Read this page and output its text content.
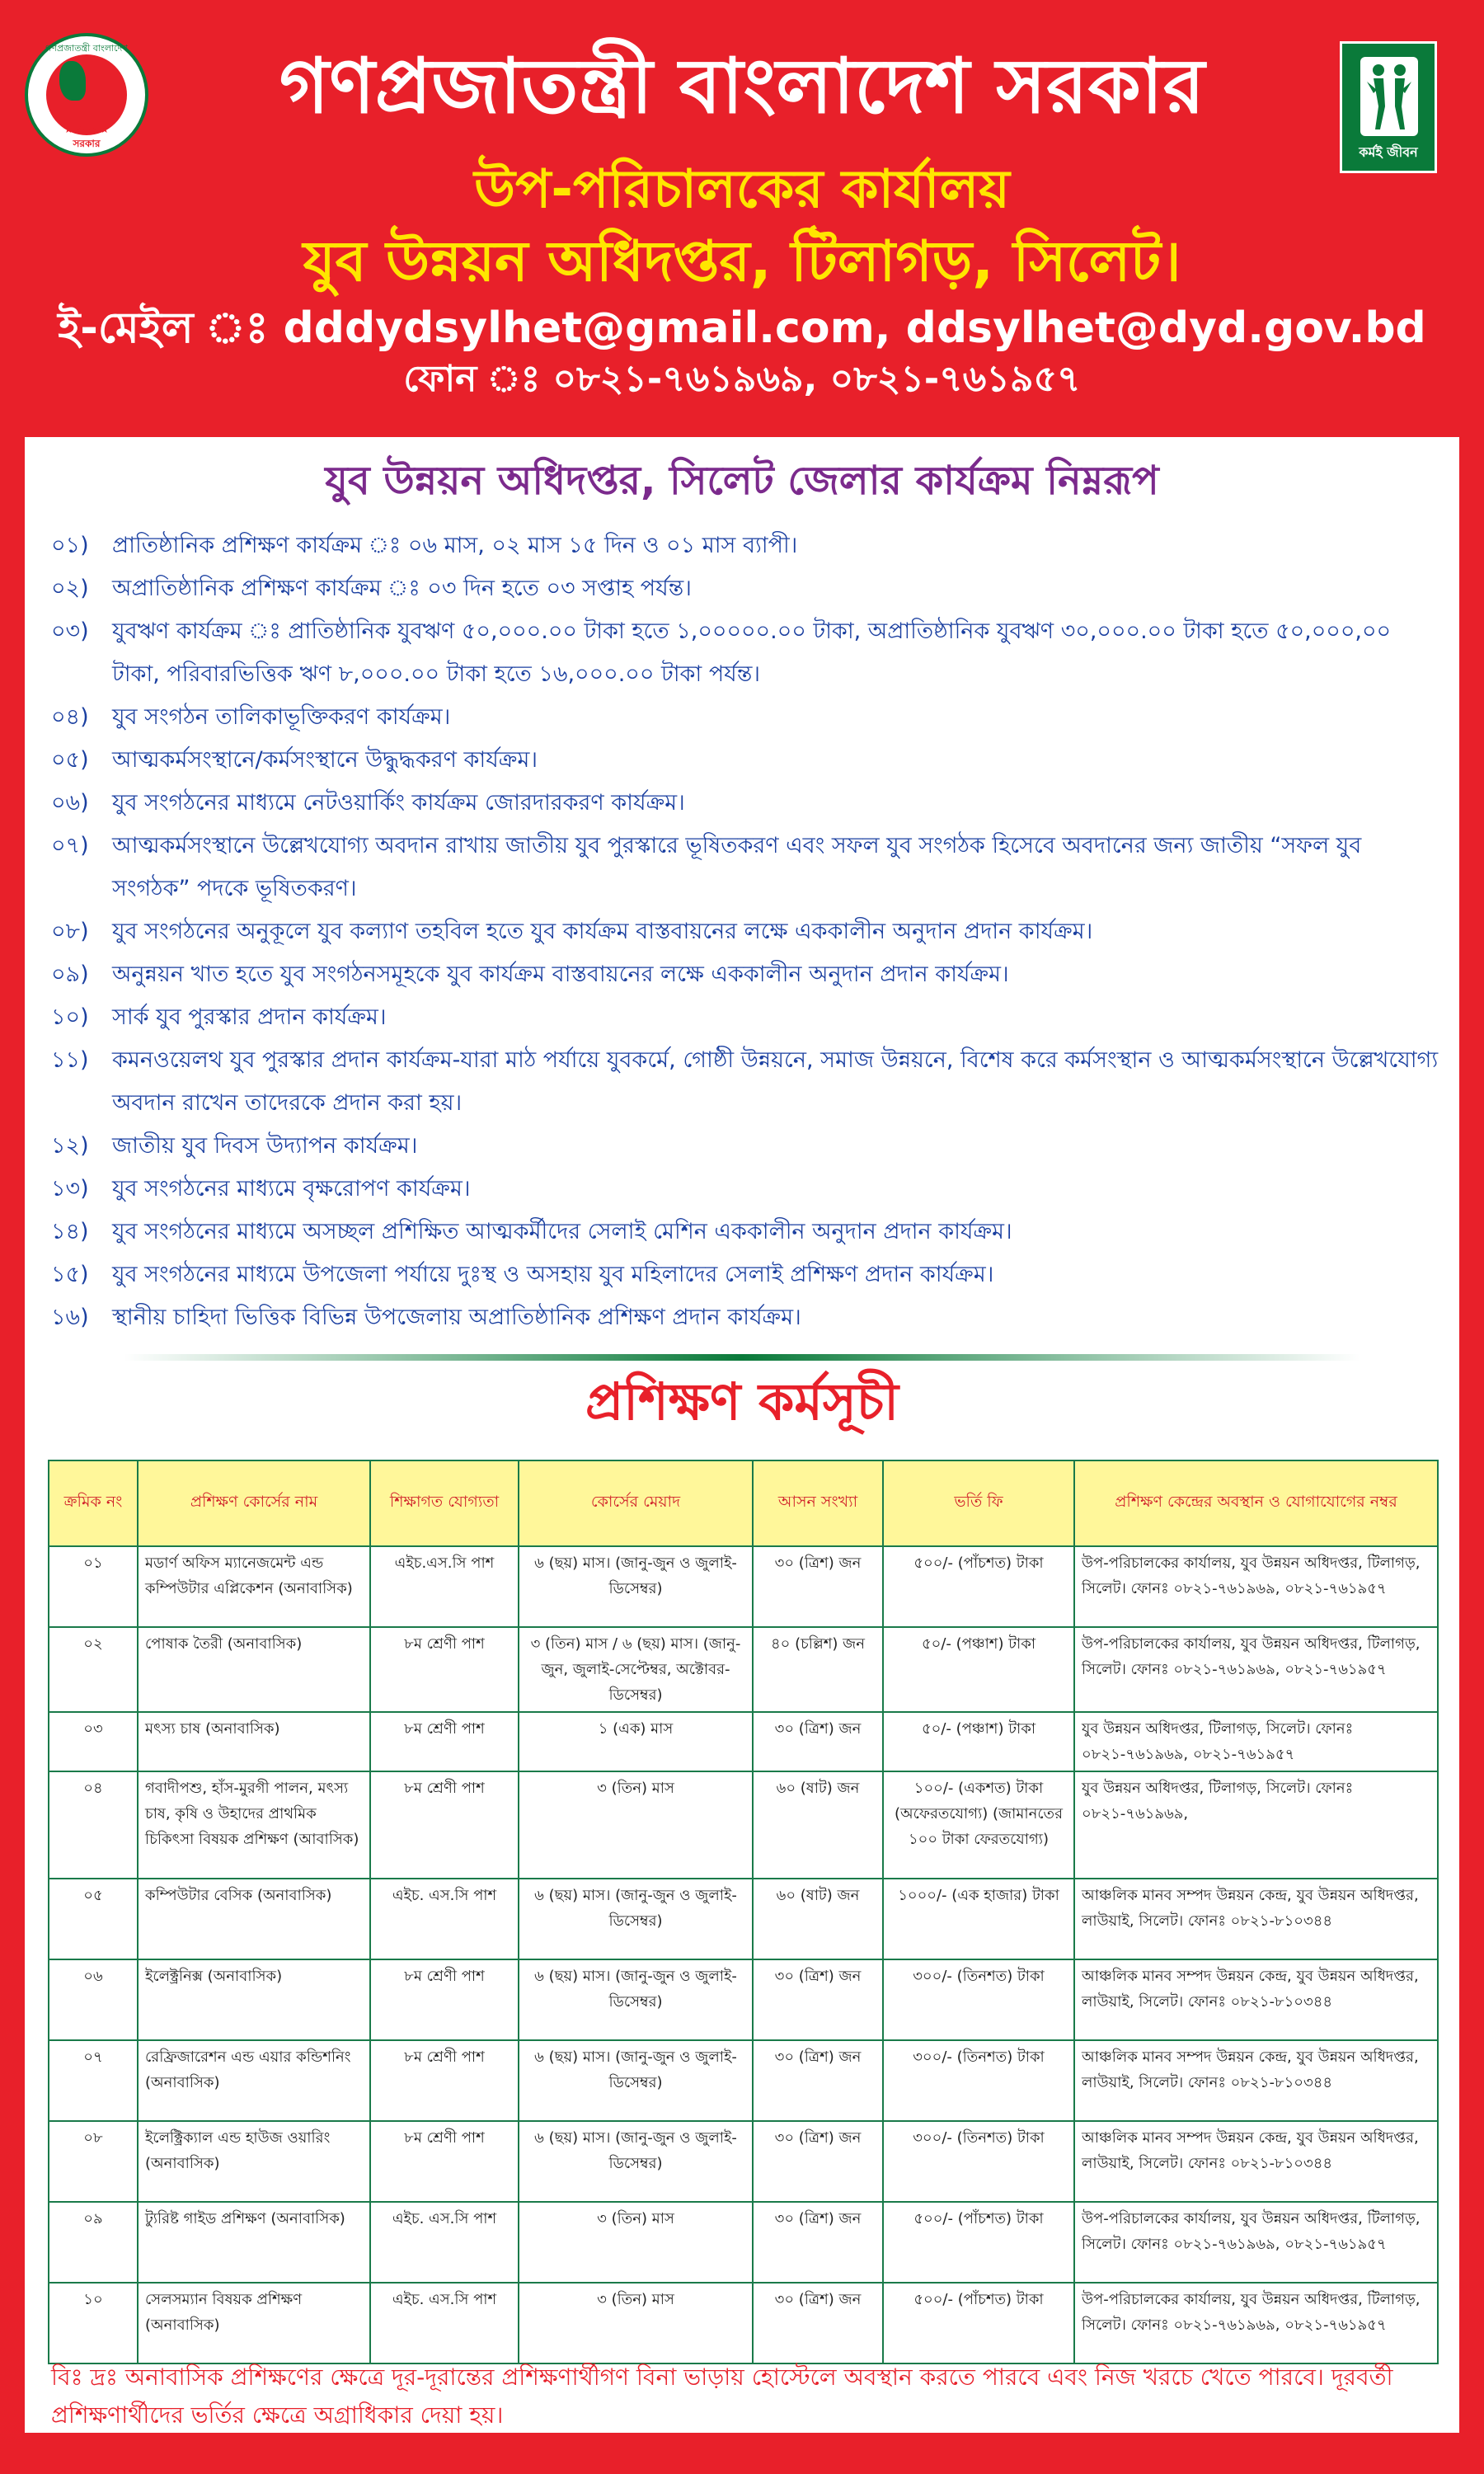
গণপ্রজাতন্ত্রী বাংলাদেশ
★ ★ ★ ★
সরকার
গণপ্রজাতন্ত্রী বাংলাদেশ সরকার
কর্মই জীবন
উপ-পরিচালকের কার্যালয়
যুব উন্নয়ন অধিদপ্তর, টিলাগড়, সিলেট।
ই-মেইল ঃ dddydsylhet@gmail.com, ddsylhet@dyd.gov.bd
ফোন ঃ ০৮২১-৭৬১৯৬৯, ০৮২১-৭৬১৯৫৭
যুব উন্নয়ন অধিদপ্তর, সিলেট জেলার কার্যক্রম নিম্নরূপ
০১) প্রাতিষ্ঠানিক প্রশিক্ষণ কার্যক্রম ঃ ০৬ মাস, ০২ মাস ১৫ দিন ও ০১ মাস ব্যাপী।
০২) অপ্রাতিষ্ঠানিক প্রশিক্ষণ কার্যক্রম ঃ ০৩ দিন হতে ০৩ সপ্তাহ পর্যন্ত।
০৩) যুবঋণ কার্যক্রম ঃ প্রাতিষ্ঠানিক যুবঋণ ৫০,০০০.০০ টাকা হতে ১,০০০০০.০০ টাকা, অপ্রাতিষ্ঠানিক যুবঋণ ৩০,০০০.০০ টাকা হতে ৫০,০০০,০০ টাকা, পরিবারভিত্তিক ঋণ ৮,০০০.০০ টাকা হতে ১৬,০০০.০০ টাকা পর্যন্ত।
০৪) যুব সংগঠন তালিকাভূক্তিকরণ কার্যক্রম।
০৫) আত্মকর্মসংস্থানে/কর্মসংস্থানে উদ্ধুদ্ধকরণ কার্যক্রম।
০৬) যুব সংগঠনের মাধ্যমে নেটওয়ার্কিং কার্যক্রম জোরদারকরণ কার্যক্রম।
০৭) আত্মকর্মসংস্থানে উল্লেখযোগ্য অবদান রাখায় জাতীয় যুব পুরস্কারে ভূষিতকরণ এবং সফল যুব সংগঠক হিসেবে অবদানের জন্য জাতীয় “সফল যুব সংগঠক” পদকে ভূষিতকরণ।
০৮) যুব সংগঠনের অনুকূলে যুব কল্যাণ তহবিল হতে যুব কার্যক্রম বাস্তবায়নের লক্ষে এককালীন অনুদান প্রদান কার্যক্রম।
০৯) অনুন্নয়ন খাত হতে যুব সংগঠনসমূহকে যুব কার্যক্রম বাস্তবায়নের লক্ষে এককালীন অনুদান প্রদান কার্যক্রম।
১০) সার্ক যুব পুরস্কার প্রদান কার্যক্রম।
১১) কমনওয়েলথ যুব পুরস্কার প্রদান কার্যক্রম-যারা মাঠ পর্যায়ে যুবকর্মে, গোষ্ঠী উন্নয়নে, সমাজ উন্নয়নে, বিশেষ করে কর্মসংস্থান ও আত্মকর্মসংস্থানে উল্লেখযোগ্য অবদান রাখেন তাদেরকে প্রদান করা হয়।
১২) জাতীয় যুব দিবস উদ্যাপন কার্যক্রম।
১৩) যুব সংগঠনের মাধ্যমে বৃক্ষরোপণ কার্যক্রম।
১৪) যুব সংগঠনের মাধ্যমে অসচ্ছল প্রশিক্ষিত আত্মকর্মীদের সেলাই মেশিন এককালীন অনুদান প্রদান কার্যক্রম।
১৫) যুব সংগঠনের মাধ্যমে উপজেলা পর্যায়ে দুঃস্থ ও অসহায় যুব মহিলাদের সেলাই প্রশিক্ষণ প্রদান কার্যক্রম।
১৬) স্থানীয় চাহিদা ভিত্তিক বিভিন্ন উপজেলায় অপ্রাতিষ্ঠানিক প্রশিক্ষণ প্রদান কার্যক্রম।
প্রশিক্ষণ কর্মসূচী
ক্রমিক নং	প্রশিক্ষণ কোর্সের নাম	শিক্ষাগত যোগ্যতা	কোর্সের মেয়াদ	আসন সংখ্যা	ভর্তি ফি	প্রশিক্ষণ কেন্দ্রের অবস্থান ও যোগাযোগের নম্বর
০১	মডার্ণ অফিস ম্যানেজমেন্ট এন্ড কম্পিউটার এপ্লিকেশন (অনাবাসিক)	এইচ.এস.সি পাশ	৬ (ছয়) মাস। (জানু-জুন ও জুলাই-ডিসেম্বর)	৩০ (ত্রিশ) জন	৫০০/- (পাঁচশত) টাকা	উপ-পরিচালকের কার্যালয়, যুব উন্নয়ন অধিদপ্তর, টিলাগড়, সিলেট। ফোনঃ ০৮২১-৭৬১৯৬৯, ০৮২১-৭৬১৯৫৭
০২	পোষাক তৈরী (অনাবাসিক)	৮ম শ্রেণী পাশ	৩ (তিন) মাস / ৬ (ছয়) মাস। (জানু-জুন, জুলাই-সেপ্টেম্বর, অক্টোবর-ডিসেম্বর)	৪০ (চল্লিশ) জন	৫০/- (পঞ্চাশ) টাকা	উপ-পরিচালকের কার্যালয়, যুব উন্নয়ন অধিদপ্তর, টিলাগড়, সিলেট। ফোনঃ ০৮২১-৭৬১৯৬৯, ০৮২১-৭৬১৯৫৭
০৩	মৎস্য চাষ (অনাবাসিক)	৮ম শ্রেণী পাশ	১ (এক) মাস	৩০ (ত্রিশ) জন	৫০/- (পঞ্চাশ) টাকা	যুব উন্নয়ন অধিদপ্তর, টিলাগড়, সিলেট। ফোনঃ ০৮২১-৭৬১৯৬৯, ০৮২১-৭৬১৯৫৭
০৪	গবাদীপশু, হাঁস-মুরগী পালন, মৎস্য চাষ, কৃষি ও উহাদের প্রাথমিক চিকিৎসা বিষয়ক প্রশিক্ষণ (আবাসিক)	৮ম শ্রেণী পাশ	৩ (তিন) মাস	৬০ (ষাট) জন	১০০/- (একশত) টাকা (অফেরতযোগ্য) (জামানতের ১০০ টাকা ফেরতযোগ্য)	যুব উন্নয়ন অধিদপ্তর, টিলাগড়, সিলেট। ফোনঃ ০৮২১-৭৬১৯৬৯,
০৫	কম্পিউটার বেসিক (অনাবাসিক)	এইচ. এস.সি পাশ	৬ (ছয়) মাস। (জানু-জুন ও জুলাই-ডিসেম্বর)	৬০ (ষাট) জন	১০০০/- (এক হাজার) টাকা	আঞ্চলিক মানব সম্পদ উন্নয়ন কেন্দ্র, যুব উন্নয়ন অধিদপ্তর, লাউয়াই, সিলেট। ফোনঃ ০৮২১-৮১০৩৪৪
০৬	ইলেক্ট্রনিক্স (অনাবাসিক)	৮ম শ্রেণী পাশ	৬ (ছয়) মাস। (জানু-জুন ও জুলাই-ডিসেম্বর)	৩০ (ত্রিশ) জন	৩০০/- (তিনশত) টাকা	আঞ্চলিক মানব সম্পদ উন্নয়ন কেন্দ্র, যুব উন্নয়ন অধিদপ্তর, লাউয়াই, সিলেট। ফোনঃ ০৮২১-৮১০৩৪৪
০৭	রেফ্রিজারেশন এন্ড এয়ার কন্ডিশনিং (অনাবাসিক)	৮ম শ্রেণী পাশ	৬ (ছয়) মাস। (জানু-জুন ও জুলাই-ডিসেম্বর)	৩০ (ত্রিশ) জন	৩০০/- (তিনশত) টাকা	আঞ্চলিক মানব সম্পদ উন্নয়ন কেন্দ্র, যুব উন্নয়ন অধিদপ্তর, লাউয়াই, সিলেট। ফোনঃ ০৮২১-৮১০৩৪৪
০৮	ইলেক্ট্রিক্যাল এন্ড হাউজ ওয়ারিং (অনাবাসিক)	৮ম শ্রেণী পাশ	৬ (ছয়) মাস। (জানু-জুন ও জুলাই-ডিসেম্বর)	৩০ (ত্রিশ) জন	৩০০/- (তিনশত) টাকা	আঞ্চলিক মানব সম্পদ উন্নয়ন কেন্দ্র, যুব উন্নয়ন অধিদপ্তর, লাউয়াই, সিলেট। ফোনঃ ০৮২১-৮১০৩৪৪
০৯	ট্যুরিষ্ট গাইড প্রশিক্ষণ (অনাবাসিক)	এইচ. এস.সি পাশ	৩ (তিন) মাস	৩০ (ত্রিশ) জন	৫০০/- (পাঁচশত) টাকা	উপ-পরিচালকের কার্যালয়, যুব উন্নয়ন অধিদপ্তর, টিলাগড়, সিলেট। ফোনঃ ০৮২১-৭৬১৯৬৯, ০৮২১-৭৬১৯৫৭
১০	সেলসম্যান বিষয়ক প্রশিক্ষণ (অনাবাসিক)	এইচ. এস.সি পাশ	৩ (তিন) মাস	৩০ (ত্রিশ) জন	৫০০/- (পাঁচশত) টাকা	উপ-পরিচালকের কার্যালয়, যুব উন্নয়ন অধিদপ্তর, টিলাগড়, সিলেট। ফোনঃ ০৮২১-৭৬১৯৬৯, ০৮২১-৭৬১৯৫৭
বিঃ দ্রঃ অনাবাসিক প্রশিক্ষণের ক্ষেত্রে দূর-দূরান্তের প্রশিক্ষণার্থীগণ বিনা ভাড়ায় হোস্টেলে অবস্থান করতে পারবে এবং নিজ খরচে খেতে পারবে। দূরবর্তী প্রশিক্ষণার্থীদের ভর্তির ক্ষেত্রে অগ্রাধিকার দেয়া হয়।
